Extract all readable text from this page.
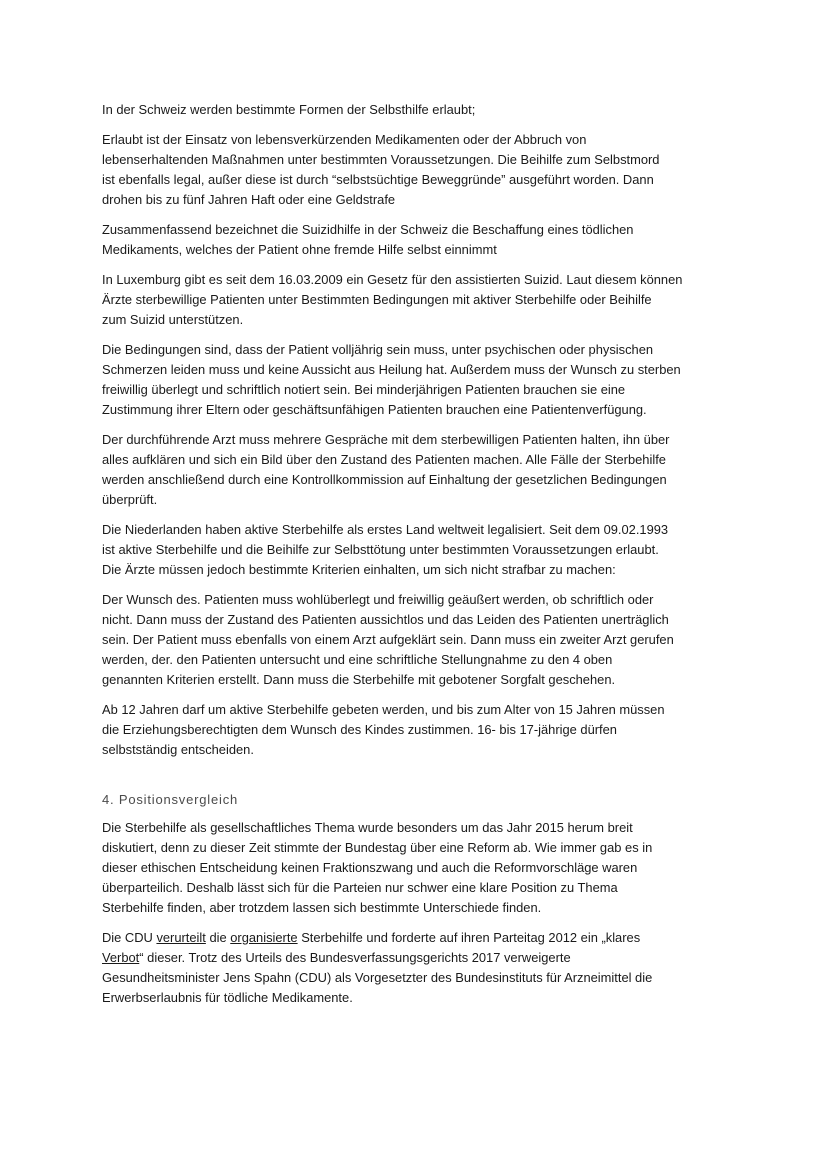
In der Schweiz werden bestimmte Formen der Selbsthilfe erlaubt;
Erlaubt ist der Einsatz von lebensverkürzenden Medikamenten oder der Abbruch von
lebenserhaltenden Maßnahmen unter bestimmten Voraussetzungen. Die Beihilfe zum Selbstmord
ist ebenfalls legal, außer diese ist durch “selbstsüchtige Beweggründe” ausgeführt worden. Dann
drohen bis zu fünf Jahren Haft oder eine Geldstrafe
Zusammenfassend bezeichnet die Suizidhilfe in der Schweiz die Beschaffung eines tödlichen
Medikaments, welches der Patient ohne fremde Hilfe selbst einnimmt
In Luxemburg gibt es seit dem 16.03.2009 ein Gesetz für den assistierten Suizid. Laut diesem können
Ärzte sterbewillige Patienten unter Bestimmten Bedingungen mit aktiver Sterbehilfe oder Beihilfe
zum Suizid unterstützen.
Die Bedingungen sind, dass der Patient volljährig sein muss, unter psychischen oder physischen
Schmerzen leiden muss und keine Aussicht aus Heilung hat. Außerdem muss der Wunsch zu sterben
freiwillig überlegt und schriftlich notiert sein. Bei minderjährigen Patienten brauchen sie eine
Zustimmung ihrer Eltern oder geschäftsunfähigen Patienten brauchen eine Patientenverfügung.
Der durchführende Arzt muss mehrere Gespräche mit dem sterbewilligen Patienten halten, ihn über
alles aufklären und sich ein Bild über den Zustand des Patienten machen. Alle Fälle der Sterbehilfe
werden anschließend durch eine Kontrollkommission auf Einhaltung der gesetzlichen Bedingungen
überprüft.
Die Niederlanden haben aktive Sterbehilfe als erstes Land weltweit legalisiert. Seit dem 09.02.1993
ist aktive Sterbehilfe und die Beihilfe zur Selbsttötung unter bestimmten Voraussetzungen erlaubt.
Die Ärzte müssen jedoch bestimmte Kriterien einhalten, um sich nicht strafbar zu machen:
Der Wunsch des. Patienten muss wohlüberlegt und freiwillig geäußert werden, ob schriftlich oder
nicht. Dann muss der Zustand des Patienten aussichtlos und das Leiden des Patienten unerträglich
sein. Der Patient muss ebenfalls von einem Arzt aufgeklärt sein. Dann muss ein zweiter Arzt gerufen
werden, der. den Patienten untersucht und eine schriftliche Stellungnahme zu den 4 oben
genannten Kriterien erstellt. Dann muss die Sterbehilfe mit gebotener Sorgfalt geschehen.
Ab 12 Jahren darf um aktive Sterbehilfe gebeten werden, und bis zum Alter von 15 Jahren müssen
die Erziehungsberechtigten dem Wunsch des Kindes zustimmen. 16- bis 17-jährige dürfen
selbstständig entscheiden.
4. Positionsvergleich
Die Sterbehilfe als gesellschaftliches Thema wurde besonders um das Jahr 2015 herum breit
diskutiert, denn zu dieser Zeit stimmte der Bundestag über eine Reform ab. Wie immer gab es in
dieser ethischen Entscheidung keinen Fraktionszwang und auch die Reformvorschläge waren
überparteilich. Deshalb lässt sich für die Parteien nur schwer eine klare Position zu Thema
Sterbehilfe finden, aber trotzdem lassen sich bestimmte Unterschiede finden.
Die CDU verurteilt die organisierte Sterbehilfe und forderte auf ihren Parteitag 2012 ein „klares
Verbot“ dieser. Trotz des Urteils des Bundesverfassungsgerichts 2017 verweigerte
Gesundheitsminister Jens Spahn (CDU) als Vorgesetzter des Bundesinstituts für Arzneimittel die
Erwerbserlaubnis für tödliche Medikamente.
